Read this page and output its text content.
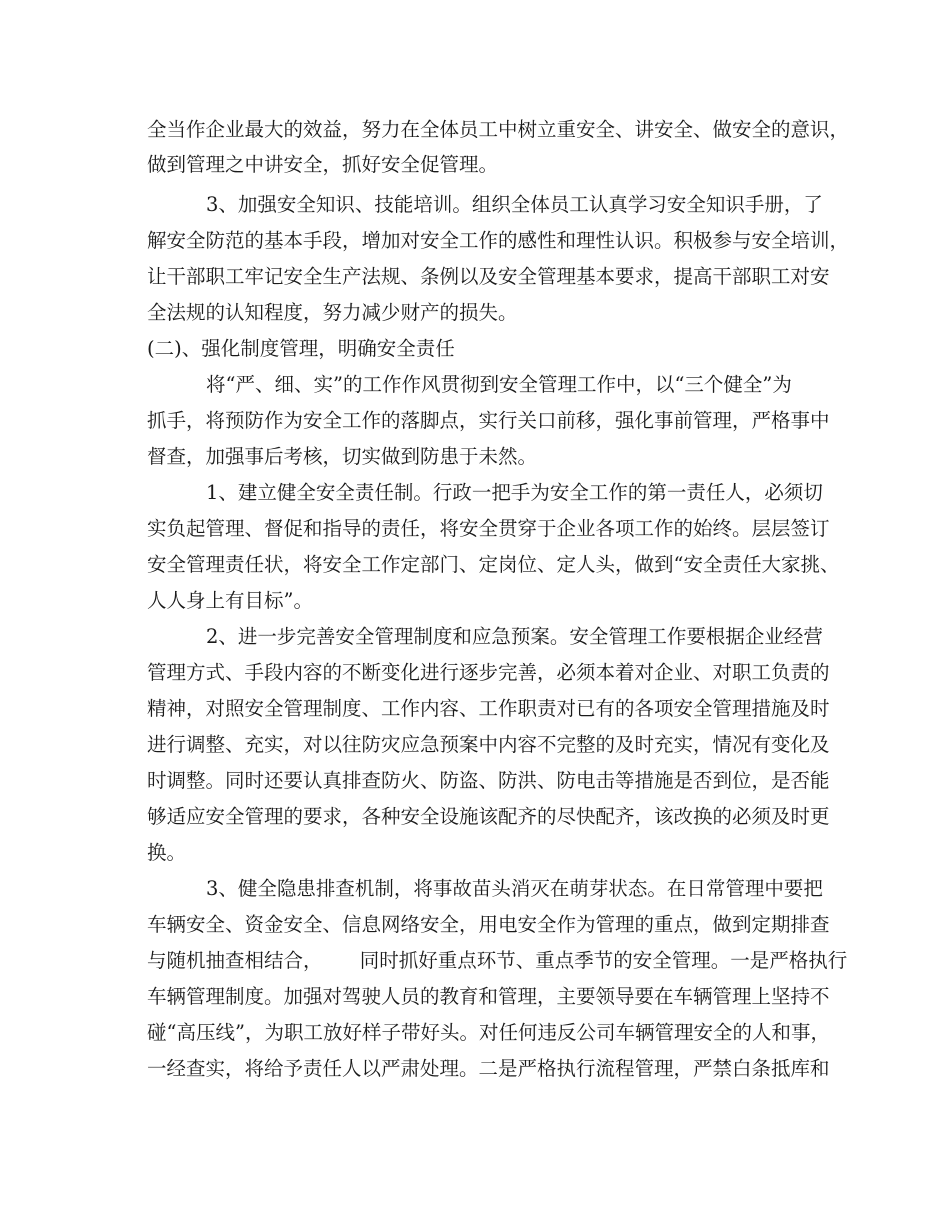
全当作企业最大的效益，努力在全体员工中树立重安全、讲安全、做安全的意识，
做到管理之中讲安全，抓好安全促管理。
3、加强安全知识、技能培训。组织全体员工认真学习安全知识手册，了
解安全防范的基本手段，增加对安全工作的感性和理性认识。积极参与安全培训，
让干部职工牢记安全生产法规、条例以及安全管理基本要求，提高干部职工对安
全法规的认知程度，努力减少财产的损失。
(二)、强化制度管理，明确安全责任
将“严、细、实”的工作作风贯彻到安全管理工作中，以“三个健全”为
抓手，将预防作为安全工作的落脚点，实行关口前移，强化事前管理，严格事中
督查，加强事后考核，切实做到防患于未然。
1、建立健全安全责任制。行政一把手为安全工作的第一责任人，必须切
实负起管理、督促和指导的责任，将安全贯穿于企业各项工作的始终。层层签订
安全管理责任状，将安全工作定部门、定岗位、定人头，做到“安全责任大家挑、
人人身上有目标”。
2、进一步完善安全管理制度和应急预案。安全管理工作要根据企业经营
管理方式、手段内容的不断变化进行逐步完善，必须本着对企业、对职工负责的
精神，对照安全管理制度、工作内容、工作职责对已有的各项安全管理措施及时
进行调整、充实，对以往防灾应急预案中内容不完整的及时充实，情况有变化及
时调整。同时还要认真排查防火、防盗、防洪、防电击等措施是否到位，是否能
够适应安全管理的要求，各种安全设施该配齐的尽快配齐，该改换的必须及时更
换。
3、健全隐患排查机制，将事故苗头消灭在萌芽状态。在日常管理中要把
车辆安全、资金安全、信息网络安全，用电安全作为管理的重点，做到定期排查
与随机抽查相结合，      同时抓好重点环节、重点季节的安全管理。一是严格执行
车辆管理制度。加强对驾驶人员的教育和管理，主要领导要在车辆管理上坚持不
碰“高压线”，为职工放好样子带好头。对任何违反公司车辆管理安全的人和事，
一经查实，将给予责任人以严肃处理。二是严格执行流程管理，严禁白条抵库和
